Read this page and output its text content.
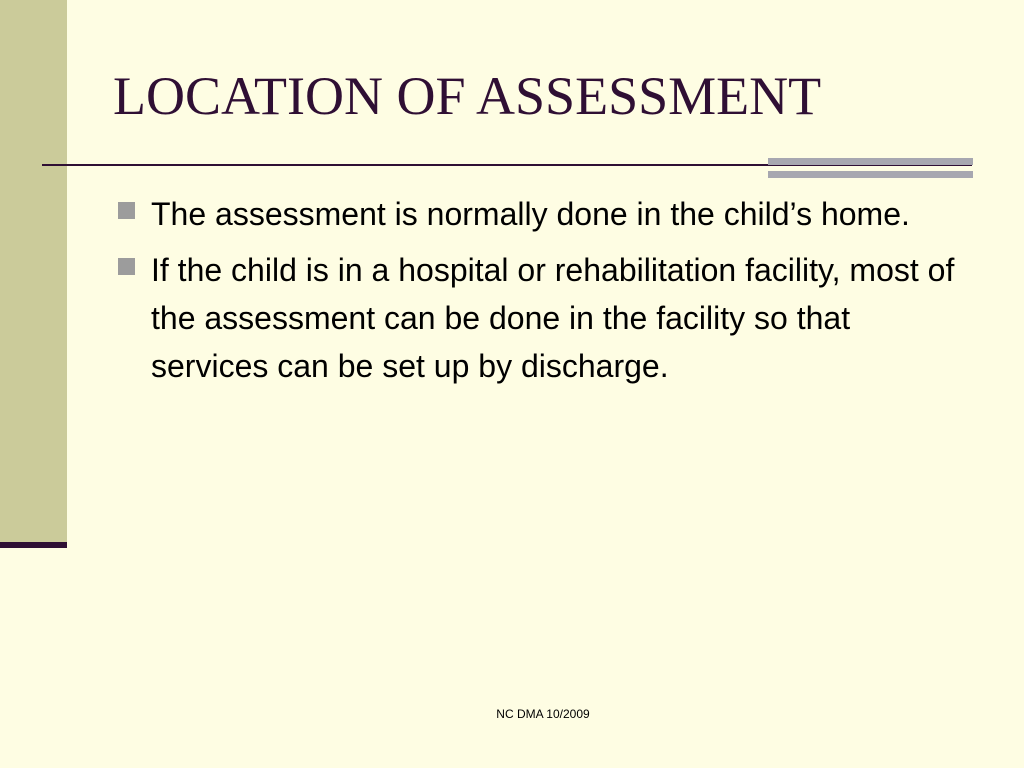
LOCATION OF ASSESSMENT
The assessment is normally done in the child’s home.
If the child is in a hospital or rehabilitation facility, most of the assessment can be done in the facility so that services can be set up by discharge.
NC DMA 10/2009
